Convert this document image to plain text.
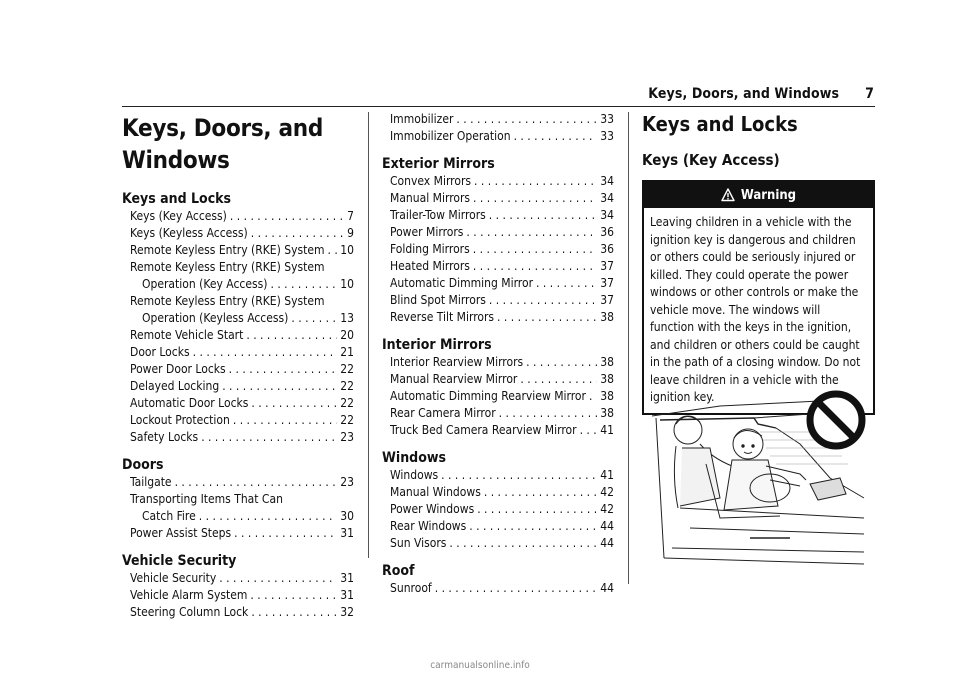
Keys, Doors, and Windows 7
Keys, Doors, and
Windows
Keys and Locks
Keys (Key Access) . . .	7
Keys (Keyless Access) . . .	9
Remote Keyless Entry (RKE) System . . . 10
Remote Keyless Entry (RKE) System
Operation (Key Access) . . .	10
Remote Keyless Entry (RKE) System
Operation (Keyless Access) . . .	13
Remote Vehicle Start . . .	20
Door Locks . . .	21
Power Door Locks . . .	22
Delayed Locking . . .	22
Automatic Door Locks . . .	22
Lockout Protection . . .	22
Safety Locks . . .	23
Doors
Tailgate . . .	23
Transporting Items That Can
Catch Fire . . .	30
Power Assist Steps . . .	31
Vehicle Security
Vehicle Security . . .	31
Vehicle Alarm System . . .	31
Steering Column Lock . . .	32
Immobilizer . . .	33
Immobilizer Operation . . .	33
Exterior Mirrors
Convex Mirrors . . .	34
Manual Mirrors . . .	34
Trailer-Tow Mirrors . . .	34
Power Mirrors . . .	36
Folding Mirrors . . .	36
Heated Mirrors . . .	37
Automatic Dimming Mirror . . .	37
Blind Spot Mirrors . . .	37
Reverse Tilt Mirrors . . .	38
Interior Mirrors
Interior Rearview Mirrors . . .	38
Manual Rearview Mirror . . .	38
Automatic Dimming Rearview Mirror . . . 38
Rear Camera Mirror . . .	38
Truck Bed Camera Rearview Mirror . . . 41
Windows
Windows . . .	41
Manual Windows . . .	42
Power Windows . . .	42
Rear Windows . . .	44
Sun Visors . . .	44
Roof
Sunroof . . .	44
Keys and Locks
Keys (Key Access)
Warning
Leaving children in a vehicle with the ignition key is dangerous and children or others could be seriously injured or killed. They could operate the power windows or other controls or make the vehicle move. The windows will function with the keys in the ignition, and children or others could be caught in the path of a closing window. Do not leave children in a vehicle with the ignition key.
carmanualsonline.info
